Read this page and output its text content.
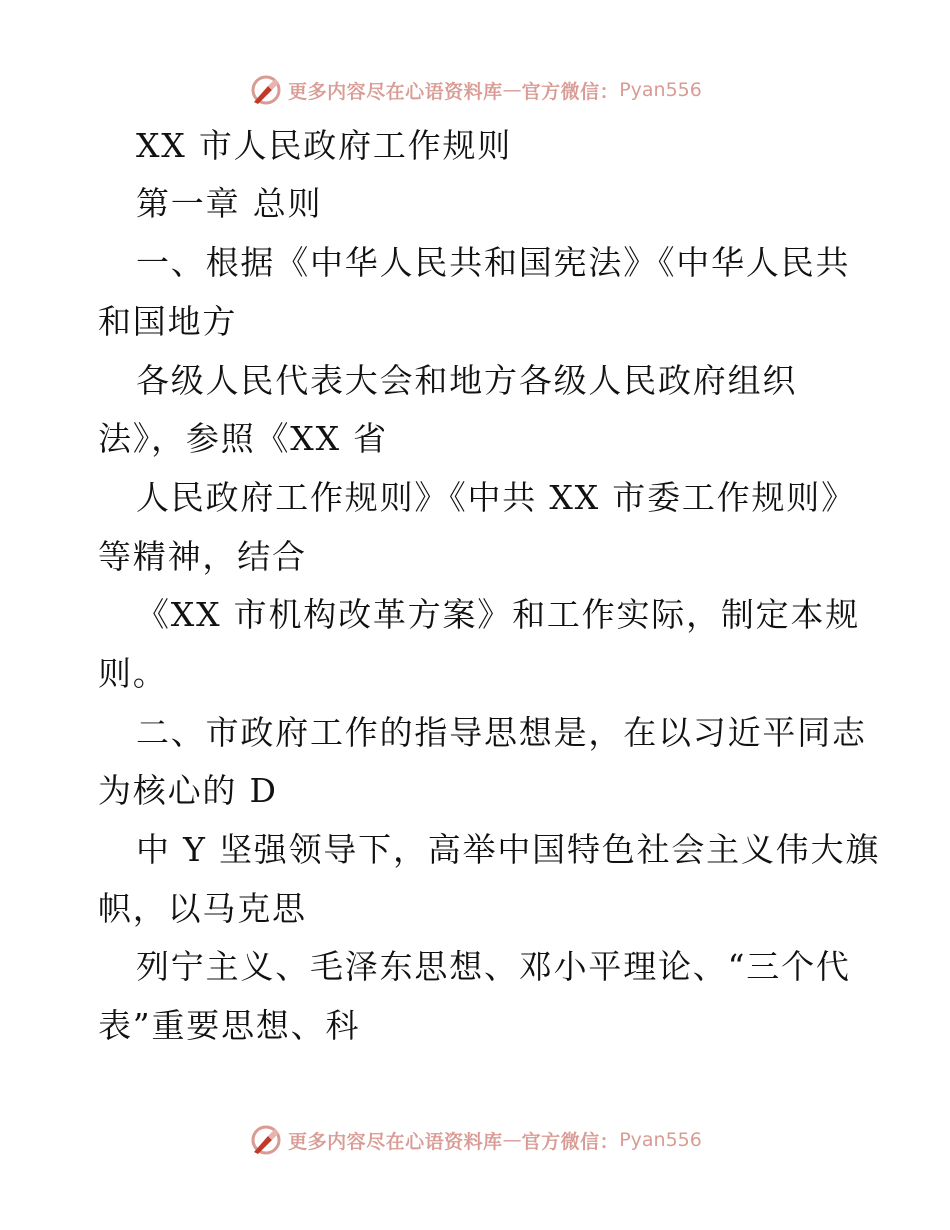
更多内容尽在心语资料库 — 官方微信： Pyan556
XX 市人民政府工作规则
第一章 总则
一、根据《中华人民共和国宪法》《中华人民共
和国地方
各级人民代表大会和地方各级人民政府组织
法》，参照《XX 省
人民政府工作规则》《中共 XX 市委工作规则》
等精神，结合
《XX 市机构改革方案》和工作实际，制定本规
则。
二、市政府工作的指导思想是，在以习近平同志
为核心的 D
中 Y 坚强领导下，高举中国特色社会主义伟大旗
帜，以马克思
列宁主义、毛泽东思想、邓小平理论、“三个代
表”重要思想、科
更多内容尽在心语资料库 — 官方微信： Pyan556
